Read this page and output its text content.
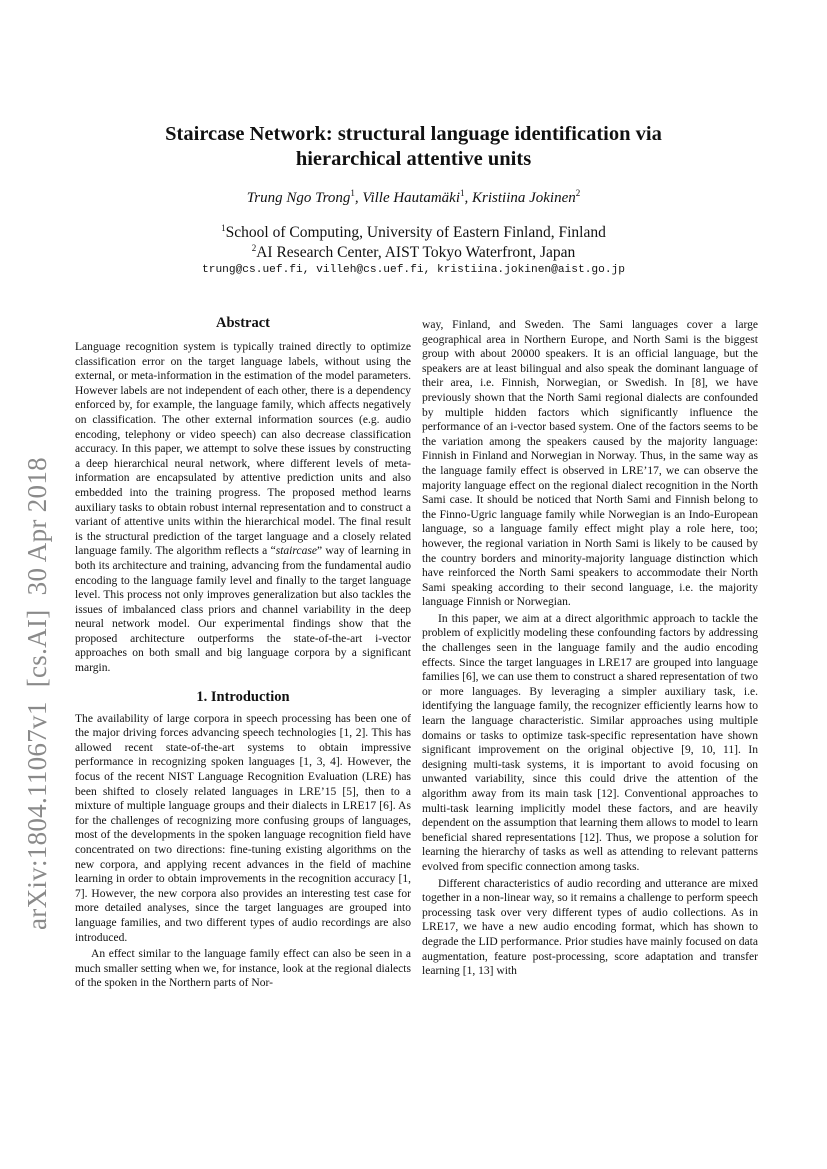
arXiv:1804.11067v1  [cs.AI]  30 Apr 2018
Staircase Network: structural language identification via
hierarchical attentive units
Trung Ngo Trong$^1$, Ville Hautamäki$^1$, Kristiina Jokinen$^2$
$^1$School of Computing, University of Eastern Finland, Finland
$^2$AI Research Center, AIST Tokyo Waterfront, Japan
trung@cs.uef.fi, villeh@cs.uef.fi, kristiina.jokinen@aist.go.jp
Abstract

Language recognition system is typically trained directly to optimize classification error on the target language labels, without using the external, or meta-information in the estimation of the model parameters. However labels are not independent of each other, there is a dependency enforced by, for example, the language family, which affects negatively on classification. The other external information sources (e.g. audio encoding, telephony or video speech) can also decrease classification accuracy. In this paper, we attempt to solve these issues by constructing a deep hierarchical neural network, where different levels of meta-information are encapsulated by attentive prediction units and also embedded into the training progress. The proposed method learns auxiliary tasks to obtain robust internal representation and to construct a variant of attentive units within the hierarchical model. The final result is the structural prediction of the target language and a closely related language family. The algorithm reflects a “staircase” way of learning in both its architecture and training, advancing from the fundamental audio encoding to the language family level and finally to the target language level. This process not only improves generalization but also tackles the issues of imbalanced class priors and channel variability in the deep neural network model. Our experimental findings show that the proposed architecture outperforms the state-of-the-art i-vector approaches on both small and big language corpora by a significant margin.

1. Introduction

The availability of large corpora in speech processing has been one of the major driving forces advancing speech technologies [1, 2]. This has allowed recent state-of-the-art systems to obtain impressive performance in recognizing spoken languages [1, 3, 4]. However, the focus of the recent NIST Language Recognition Evaluation (LRE) has been shifted to closely related languages in LRE’15 [5], then to a mixture of multiple language groups and their dialects in LRE17 [6]. As for the challenges of recognizing more confusing groups of languages, most of the developments in the spoken language recognition field have concentrated on two directions: fine-tuning existing algorithms on the new corpora, and applying recent advances in the field of machine learning in order to obtain improvements in the recognition accuracy [1, 7]. However, the new corpora also provides an interesting test case for more detailed analyses, since the target languages are grouped into language families, and two different types of audio recordings are also introduced.

An effect similar to the language family effect can also be seen in a much smaller setting when we, for instance, look at the regional dialects of the spoken in the Northern parts of Nor-

way, Finland, and Sweden. The Sami languages cover a large geographical area in Northern Europe, and North Sami is the biggest group with about 20000 speakers. It is an official language, but the speakers are at least bilingual and also speak the dominant language of their area, i.e. Finnish, Norwegian, or Swedish. In [8], we have previously shown that the North Sami regional dialects are confounded by multiple hidden factors which significantly influence the performance of an i-vector based system. One of the factors seems to be the variation among the speakers caused by the majority language: Finnish in Finland and Norwegian in Norway. Thus, in the same way as the language family effect is observed in LRE’17, we can observe the majority language effect on the regional dialect recognition in the North Sami case. It should be noticed that North Sami and Finnish belong to the Finno-Ugric language family while Norwegian is an Indo-European language, so a language family effect might play a role here, too; however, the regional variation in North Sami is likely to be caused by the country borders and minority-majority language distinction which have reinforced the North Sami speakers to accommodate their North Sami speaking according to their second language, i.e. the majority language Finnish or Norwegian.

In this paper, we aim at a direct algorithmic approach to tackle the problem of explicitly modeling these confounding factors by addressing the challenges seen in the language family and the audio encoding effects. Since the target languages in LRE17 are grouped into language families [6], we can use them to construct a shared representation of two or more languages. By leveraging a simpler auxiliary task, i.e. identifying the language family, the recognizer efficiently learns how to learn the language characteristic. Similar approaches using multiple domains or tasks to optimize task-specific representation have shown significant improvement on the original objective [9, 10, 11]. In designing multi-task systems, it is important to avoid focusing on unwanted variability, since this could drive the attention of the algorithm away from its main task [12]. Conventional approaches to multi-task learning implicitly model these factors, and are heavily dependent on the assumption that learning them allows to model to learn beneficial shared representations [12]. Thus, we propose a solution for learning the hierarchy of tasks as well as attending to relevant patterns evolved from specific connection among tasks.

Different characteristics of audio recording and utterance are mixed together in a non-linear way, so it remains a challenge to perform speech processing task over very different types of audio collections. As in LRE17, we have a new audio encoding format, which has shown to degrade the LID performance. Prior studies have mainly focused on data augmentation, feature post-processing, score adaptation and transfer learning [1, 13] with
